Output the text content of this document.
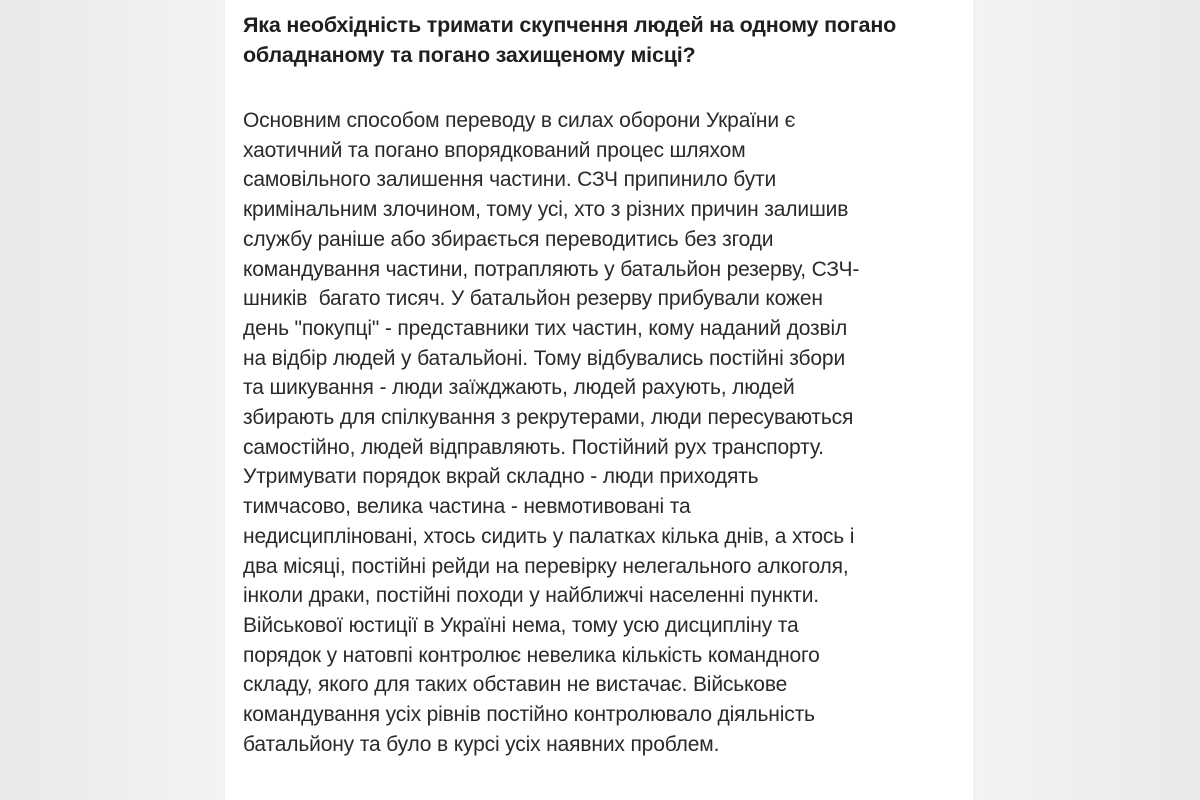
Яка необхідність тримати скупчення людей на одному погано
обладнаному та погано захищеному місці?

Основним способом переводу в силах оборони України є
хаотичний та погано впорядкований процес шляхом
самовільного залишення частини. СЗЧ припинило бути
кримінальним злочином, тому усі, хто з різних причин залишив
службу раніше або збирається переводитись без згоди
командування частини, потрапляють у батальйон резерву, СЗЧ-
шників  багато тисяч. У батальйон резерву прибували кожен
день "покупці" - представники тих частин, кому наданий дозвіл
на відбір людей у батальйоні. Тому відбувались постійні збори
та шикування - люди заїжджають, людей рахують, людей
збирають для спілкування з рекрутерами, люди пересуваються
самостійно, людей відправляють. Постійний рух транспорту.
Утримувати порядок вкрай складно - люди приходять
тимчасово, велика частина - невмотивовані та
недисципліновані, хтось сидить у палатках кілька днів, а хтось і
два місяці, постійні рейди на перевірку нелегального алкоголя,
інколи драки, постійні походи у найближчі населенні пункти.
Військової юстиції в Україні нема, тому усю дисципліну та
порядок у натовпі контролює невелика кількість командного
складу, якого для таких обставин не вистачає. Військове
командування усіх рівнів постійно контролювало діяльність
батальйону та було в курсі усіх наявних проблем.
